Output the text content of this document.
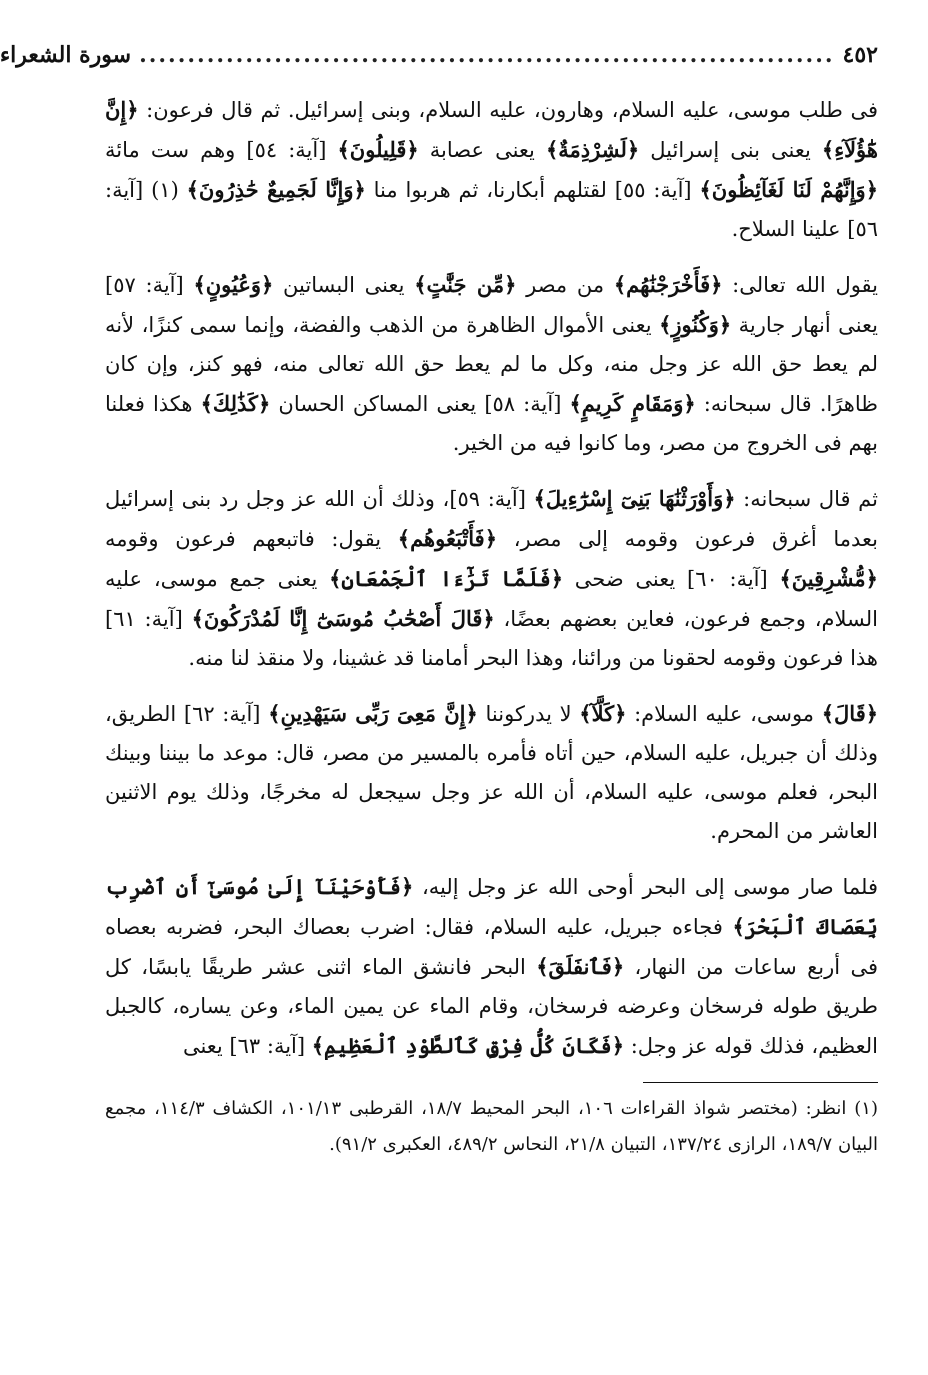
٤٥٢
........................................................................
سورة الشعراء

فى طلب موسى، عليه السلام، وهارون، عليه السلام، وبنى إسرائيل. ثم قال فرعون: ﴿إِنَّ هَٰٓؤُلَآءِ﴾ يعنى بنى إسرائيل ﴿لَشِرْذِمَةٌ﴾ يعنى عصابة ﴿قَلِيلُونَ﴾ [آية: ٥٤] وهم ست مائة ﴿وَإِنَّهُمْ لَنَا لَغَآئِظُونَ﴾ [آية: ٥٥] لقتلهم أبكارنا، ثم هربوا منا ﴿وَإِنَّا لَجَمِيعٌ حَٰذِرُونَ﴾ (١) [آية: ٥٦] علينا السلاح.

يقول الله تعالى: ﴿فَأَخْرَجْنَٰهُم﴾ من مصر ﴿مِّن جَنَّٰتٍ﴾ يعنى البساتين ﴿وَعُيُونٍ﴾ [آية: ٥٧] يعنى أنهار جارية ﴿وَكُنُوزٍ﴾ يعنى الأموال الظاهرة من الذهب والفضة، وإنما سمى كنزًا، لأنه لم يعط حق الله عز وجل منه، وكل ما لم يعط حق الله تعالى منه، فهو كنز، وإن كان ظاهرًا. قال سبحانه: ﴿وَمَقَامٍ كَرِيمٍ﴾ [آية: ٥٨] يعنى المساكن الحسان ﴿كَذَٰلِكَ﴾ هكذا فعلنا بهم فى الخروج من مصر، وما كانوا فيه من الخير.

ثم قال سبحانه: ﴿وَأَوْرَثْنَٰهَا بَنِىٓ إِسْرَٰٓءِيلَ﴾ [آية: ٥٩]، وذلك أن الله عز وجل رد بنى إسرائيل بعدما أغرق فرعون وقومه إلى مصر، ﴿فَأَتْبَعُوهُم﴾ يقول: فاتبعهم فرعون وقومه ﴿مُّشْرِقِينَ﴾ [آية: ٦٠] يعنى ضحى ﴿فَلَمَّا تَرَٰٓءَا ٱلْجَمْعَانِ﴾ يعنى جمع موسى، عليه السلام، وجمع فرعون، فعاين بعضهم بعضًا، ﴿قَالَ أَصْحَٰبُ مُوسَىٰٓ إِنَّا لَمُدْرَكُونَ﴾ [آية: ٦١] هذا فرعون وقومه لحقونا من ورائنا، وهذا البحر أمامنا قد غشينا، ولا منقذ لنا منه.

﴿قَالَ﴾ موسى، عليه السلام: ﴿كَلَّآ﴾ لا يدركوننا ﴿إِنَّ مَعِىَ رَبِّى سَيَهْدِينِ﴾ [آية: ٦٢] الطريق، وذلك أن جبريل، عليه السلام، حين أتاه فأمره بالمسير من مصر، قال: موعد ما بيننا وبينك البحر، فعلم موسى، عليه السلام، أن الله عز وجل سيجعل له مخرجًا، وذلك يوم الاثنين العاشر من المحرم.

فلما صار موسى إلى البحر أوحى الله عز وجل إليه، ﴿فَأَوْحَيْنَآ إِلَىٰ مُوسَىٰٓ أَنِ ٱضْرِب بِّعَصَاكَ ٱلْبَحْرَ﴾ فجاءه جبريل، عليه السلام، فقال: اضرب بعصاك البحر، فضربه بعصاه فى أربع ساعات من النهار، ﴿فَٱنفَلَقَ﴾ البحر فانشق الماء اثنى عشر طريقًا يابسًا، كل طريق طوله فرسخان وعرضه فرسخان، وقام الماء عن يمين الماء، وعن يساره، كالجبل العظيم، فذلك قوله عز وجل: ﴿فَكَانَ كُلُّ فِرْقٍ كَٱلطَّوْدِ ٱلْعَظِيمِ﴾ [آية: ٦٣] يعنى

(١) انظر: (مختصر شواذ القراءات ١٠٦، البحر المحيط ١٨/٧، القرطبى ١٠١/١٣، الكشاف ١١٤/٣، مجمع البيان ١٨٩/٧، الرازى ١٣٧/٢٤، التبيان ٢١/٨، النحاس ٤٨٩/٢، العكبرى ٩١/٢).
